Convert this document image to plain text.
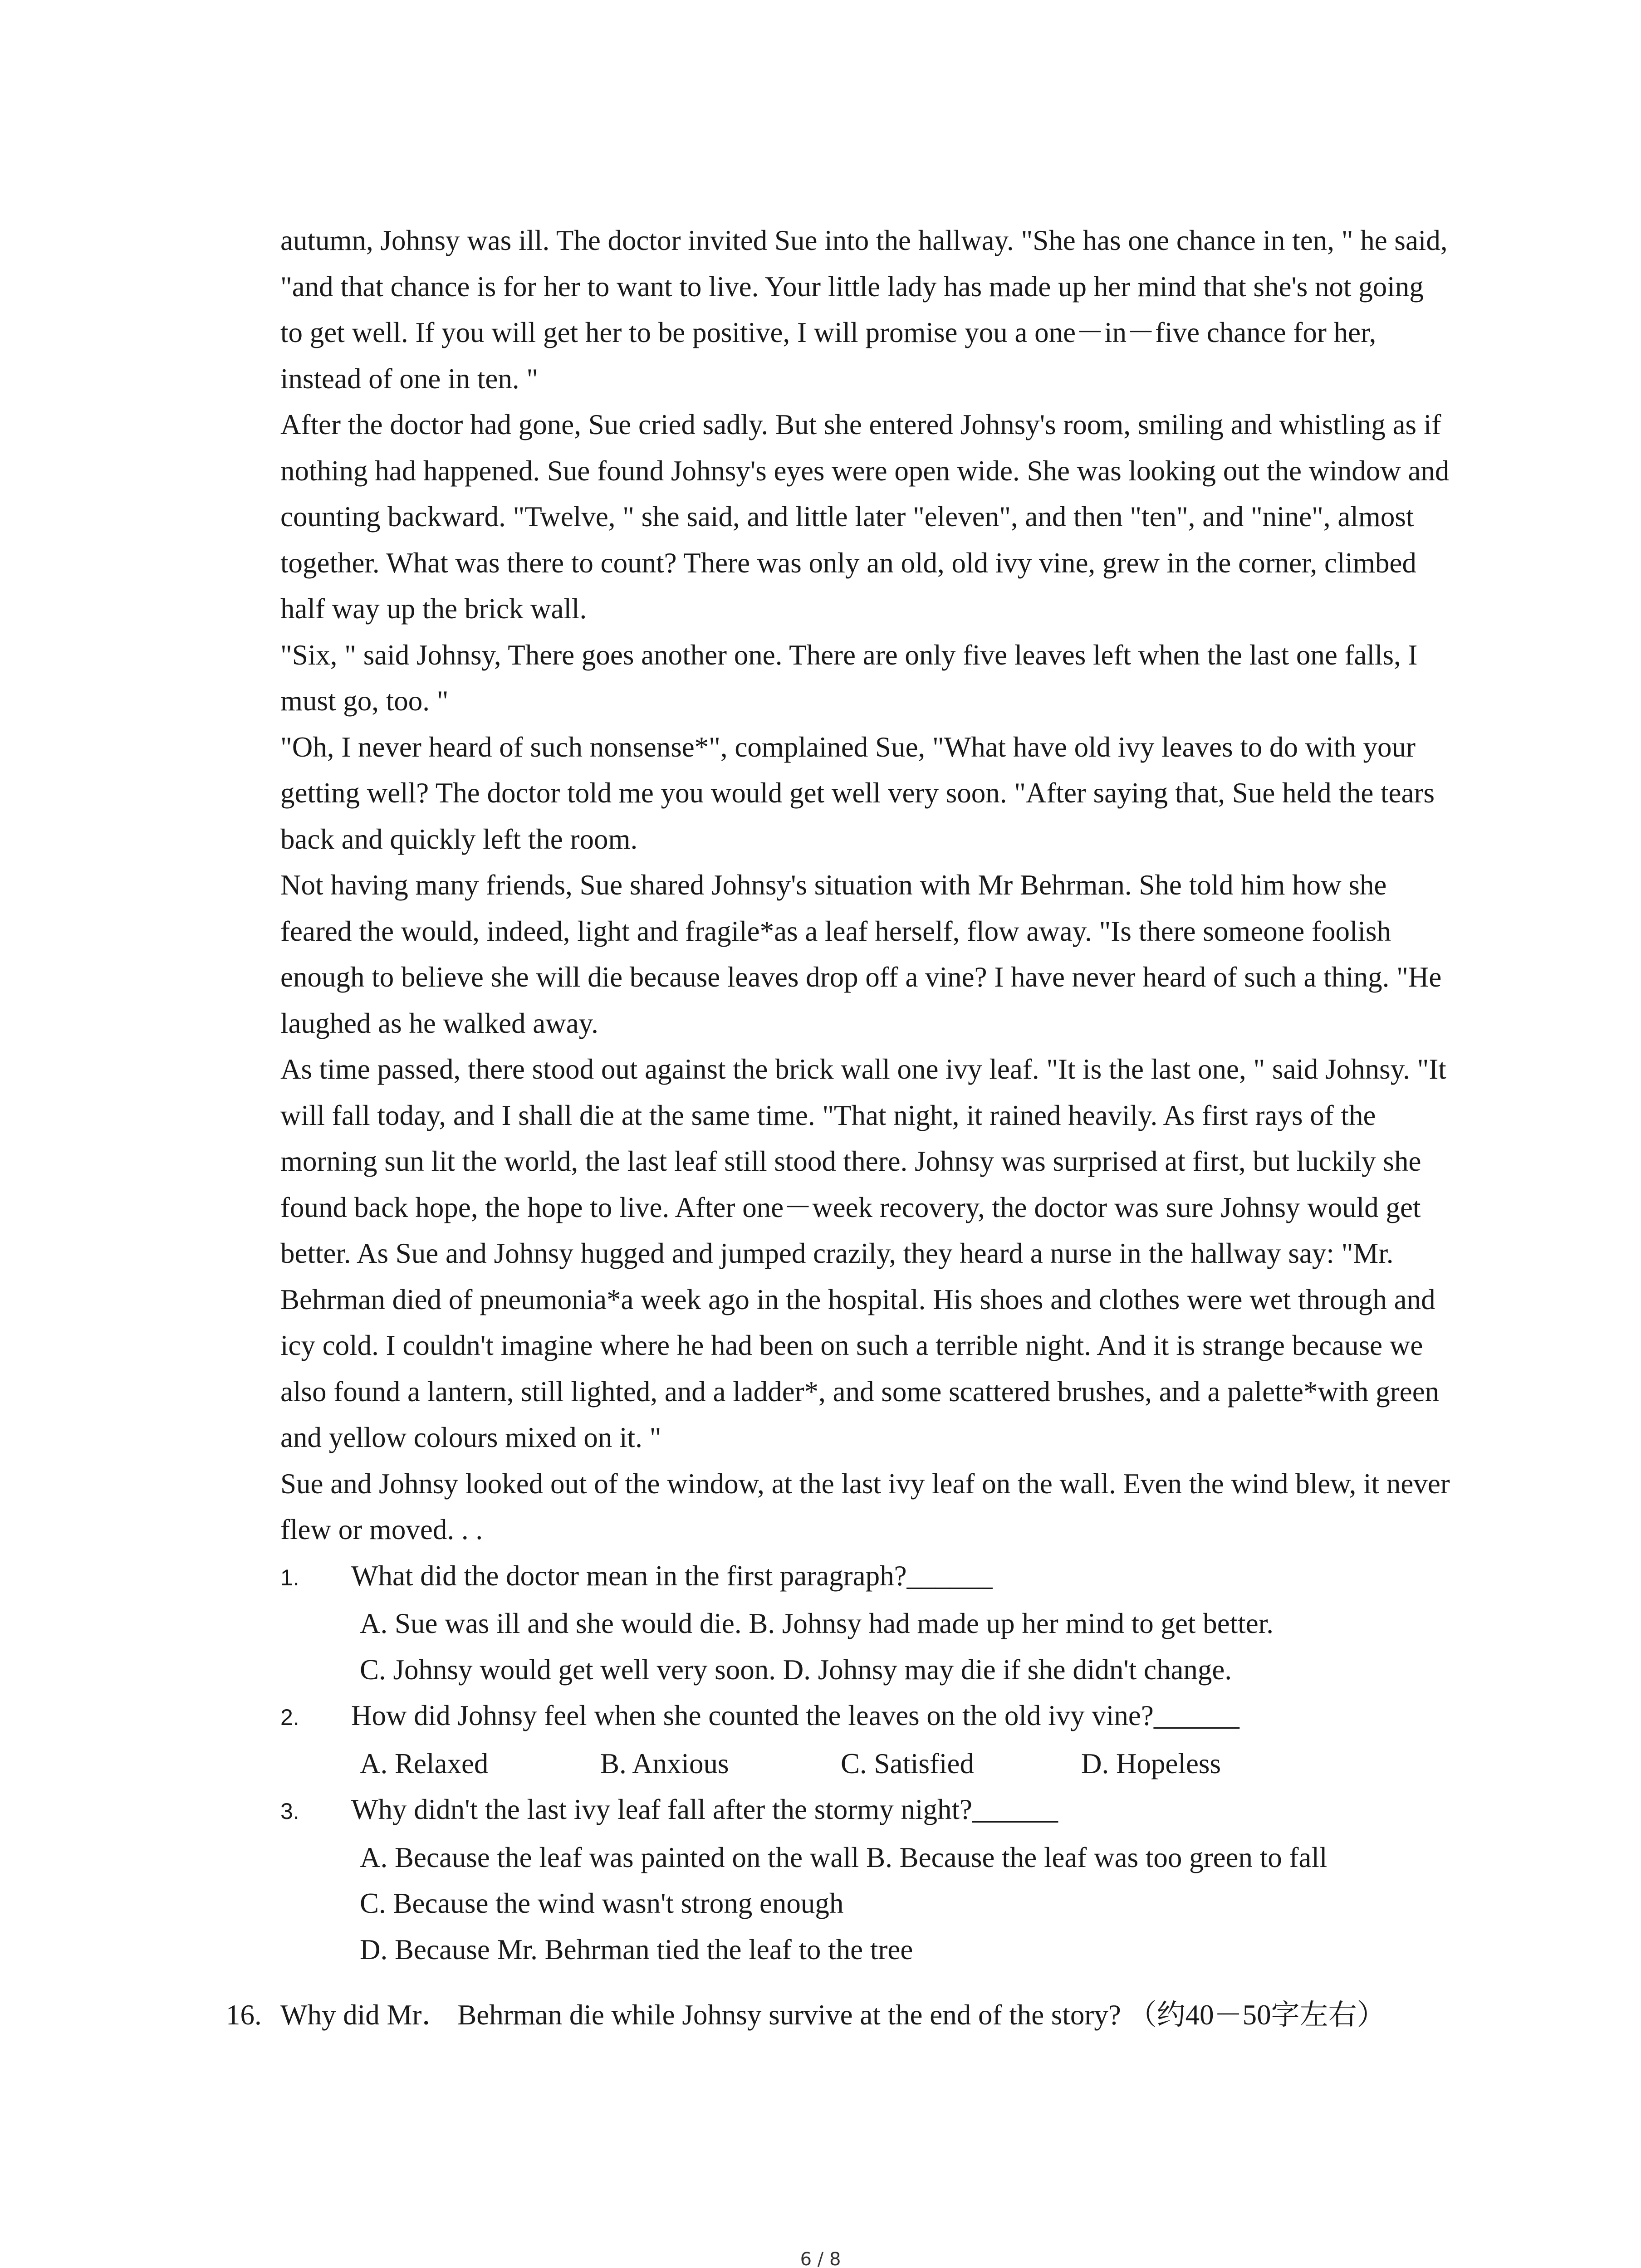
autumn, Johnsy was ill. The doctor invited Sue into the hallway. "She has one chance in ten, " he said, "and that chance is for her to want to live. Your little lady has made up her mind that she's not going to get well. If you will get her to be positive, I will promise you a one－in－five chance for her, instead of one in ten. "

After the doctor had gone, Sue cried sadly. But she entered Johnsy's room, smiling and whistling as if nothing had happened. Sue found Johnsy's eyes were open wide. She was looking out the window and counting backward. "Twelve, " she said, and little later "eleven", and then "ten", and "nine", almost together. What was there to count? There was only an old, old ivy vine, grew in the corner, climbed half way up the brick wall.

"Six, " said Johnsy, There goes another one. There are only five leaves left when the last one falls, I must go, too. "

"Oh, I never heard of such nonsense*", complained Sue, "What have old ivy leaves to do with your getting well? The doctor told me you would get well very soon. "After saying that, Sue held the tears back and quickly left the room.

Not having many friends, Sue shared Johnsy's situation with Mr Behrman. She told him how she feared the would, indeed, light and fragile*as a leaf herself, flow away. "Is there someone foolish enough to believe she will die because leaves drop off a vine? I have never heard of such a thing. "He laughed as he walked away.

As time passed, there stood out against the brick wall one ivy leaf. "It is the last one, " said Johnsy. "It will fall today, and I shall die at the same time. "That night, it rained heavily. As first rays of the morning sun lit the world, the last leaf still stood there. Johnsy was surprised at first, but luckily she found back hope, the hope to live. After one－week recovery, the doctor was sure Johnsy would get better. As Sue and Johnsy hugged and jumped crazily, they heard a nurse in the hallway say: "Mr. Behrman died of pneumonia*a week ago in the hospital. His shoes and clothes were wet through and icy cold. I couldn't imagine where he had been on such a terrible night. And it is strange because we also found a lantern, still lighted, and a ladder*, and some scattered brushes, and a palette*with green and yellow colours mixed on it. "

Sue and Johnsy looked out of the window, at the last ivy leaf on the wall. Even the wind blew, it never flew or moved. . .

1.	What did the doctor mean in the first paragraph?______
A. Sue was ill and she would die. B. Johnsy had made up her mind to get better.
C. Johnsy would get well very soon. D. Johnsy may die if she didn't change.
2.	How did Johnsy feel when she counted the leaves on the old ivy vine?______
A. Relaxed	B. Anxious	C. Satisfied	D. Hopeless
3.	Why didn't the last ivy leaf fall after the stormy night?______
A. Because the leaf was painted on the wall B. Because the leaf was too green to fall
C. Because the wind wasn't strong enough
D. Because Mr. Behrman tied the leaf to the tree
16. Why did Mr． Behrman die while Johnsy survive at the end of the story? （约40－50字左右）
6 / 8
